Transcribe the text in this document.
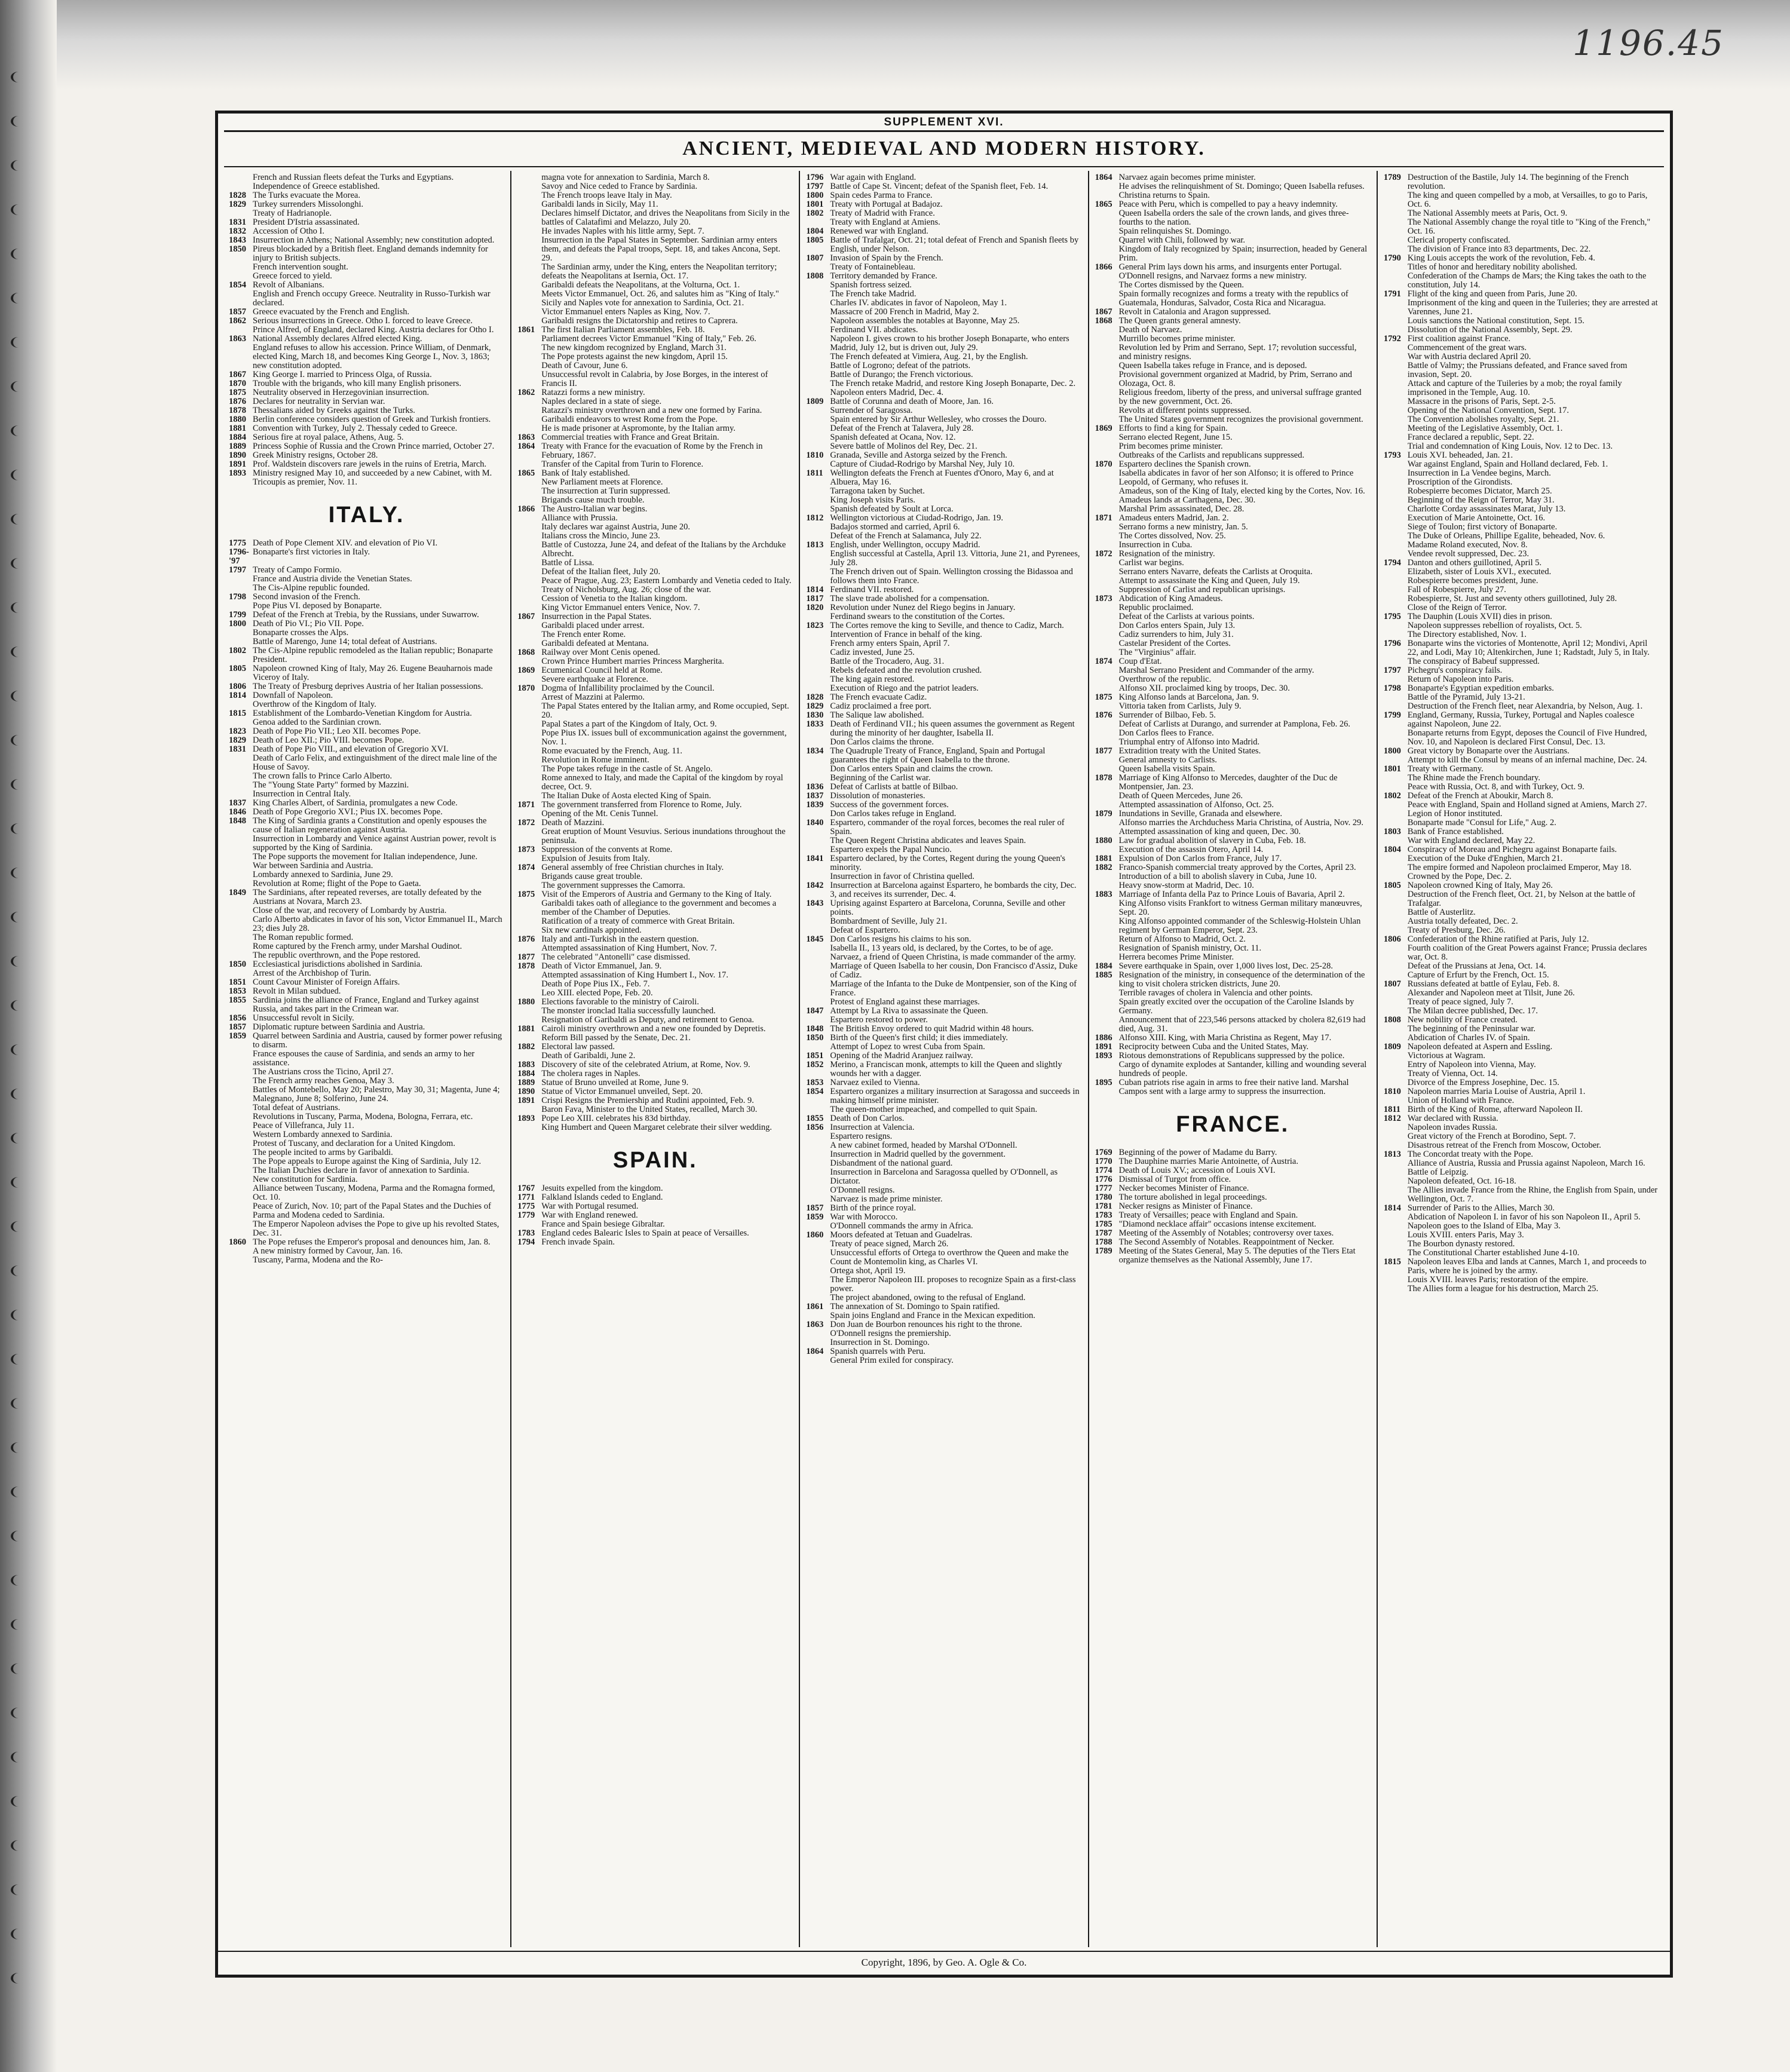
1196.45
SUPPLEMENT XVI.
ANCIENT, MEDIEVAL AND MODERN HISTORY.
French and Russian fleets defeat the Turks and Egyptians.
Independence of Greece established.
1828 The Turks evacuate the Morea.
1829 Turkey surrenders Missolonghi.
Treaty of Hadrianople.
1831 President D'Istria assassinated.
1832 Accession of Otho I.
1843 Insurrection in Athens; National Assembly; new constitution adopted.
1850 Pireus blockaded by a British fleet. England demands indemnity for injury to British subjects.
French intervention sought.
Greece forced to yield.
1854 Revolt of Albanians.
English and French occupy Greece. Neutrality in Russo-Turkish war declared.
1857 Greece evacuated by the French and English.
1862 Serious insurrections in Greece. Otho I. forced to leave Greece.
Prince Alfred, of England, declared King. Austria declares for Otho I.
1863 National Assembly declares Alfred elected King.
England refuses to allow his accession. Prince William, of Denmark, elected King, March 18, and becomes King George I., Nov. 3, 1863; new constitution adopted.
1867 King George I. married to Princess Olga, of Russia.
1870 Trouble with the brigands, who kill many English prisoners.
1875 Neutrality observed in Herzegovinian insurrection.
1876 Declares for neutrality in Servian war.
1878 Thessalians aided by Greeks against the Turks.
1880 Berlin conference considers question of Greek and Turkish frontiers.
1881 Convention with Turkey, July 2. Thessaly ceded to Greece.
1884 Serious fire at royal palace, Athens, Aug. 5.
1889 Princess Sophie of Russia and the Crown Prince married, October 27.
1890 Greek Ministry resigns, October 28.
1891 Prof. Waldstein discovers rare jewels in the ruins of Eretria, March.
1893 Ministry resigned May 10, and succeeded by a new Cabinet, with M. Tricoupis as premier, Nov. 11.
ITALY.
1775 Death of Pope Clement XIV. and elevation of Pio VI.
1796-'97
Bonaparte's first victories in Italy.
1797 Treaty of Campo Formio.
France and Austria divide the Venetian States.
The Cis-Alpine republic founded.
1798 Second invasion of the French.
Pope Pius VI. deposed by Bonaparte.
1799 Defeat of the French at Trebia, by the Russians, under Suwarrow.
1800 Death of Pio VI.; Pio VII. Pope.
Bonaparte crosses the Alps.
Battle of Marengo, June 14; total defeat of Austrians.
1802 The Cis-Alpine republic remodeled as the Italian republic; Bonaparte President.
1805 Napoleon crowned King of Italy, May 26. Eugene Beauharnois made Viceroy of Italy.
1806 The Treaty of Presburg deprives Austria of her Italian possessions.
1814 Downfall of Napoleon.
Overthrow of the Kingdom of Italy.
1815 Establishment of the Lombardo-Venetian Kingdom for Austria.
Genoa added to the Sardinian crown.
1823 Death of Pope Pio VII.; Leo XII. becomes Pope.
1829 Death of Leo XII.; Pio VIII. becomes Pope.
1831 Death of Pope Pio VIII., and elevation of Gregorio XVI.
Death of Carlo Felix, and extinguishment of the direct male line of the House of Savoy.
The crown falls to Prince Carlo Alberto.
The "Young State Party" formed by Mazzini.
Insurrection in Central Italy.
1837 King Charles Albert, of Sardinia, promulgates a new Code.
1846 Death of Pope Gregorio XVI.; Pius IX. becomes Pope.
1848 The King of Sardinia grants a Constitution and openly espouses the cause of Italian regeneration against Austria.
Insurrection in Lombardy and Venice against Austrian power, revolt is supported by the King of Sardinia.
The Pope supports the movement for Italian independence, June.
War between Sardinia and Austria.
Lombardy annexed to Sardinia, June 29.
Revolution at Rome; flight of the Pope to Gaeta.
1849 The Sardinians, after repeated reverses, are totally defeated by the Austrians at Novara, March 23.
Close of the war, and recovery of Lombardy by Austria.
Carlo Alberto abdicates in favor of his son, Victor Emmanuel II., March 23; dies July 28.
The Roman republic formed.
Rome captured by the French army, under Marshal Oudinot.
The republic overthrown, and the Pope restored.
1850 Ecclesiastical jurisdictions abolished in Sardinia.
Arrest of the Archbishop of Turin.
1851 Count Cavour Minister of Foreign Affairs.
1853 Revolt in Milan subdued.
1855 Sardinia joins the alliance of France, England and Turkey against Russia, and takes part in the Crimean war.
1856 Unsuccessful revolt in Sicily.
1857 Diplomatic rupture between Sardinia and Austria.
1859 Quarrel between Sardinia and Austria, caused by former power refusing to disarm.
France espouses the cause of Sardinia, and sends an army to her assistance.
The Austrians cross the Ticino, April 27.
The French army reaches Genoa, May 3.
Battles of Montebello, May 20; Palestro, May 30, 31; Magenta, June 4; Malegnano, June 8; Solferino, June 24.
Total defeat of Austrians.
Revolutions in Tuscany, Parma, Modena, Bologna, Ferrara, etc.
Peace of Villefranca, July 11.
Western Lombardy annexed to Sardinia.
Protest of Tuscany, and declaration for a United Kingdom.
The people incited to arms by Garibaldi.
The Pope appeals to Europe against the King of Sardinia, July 12.
The Italian Duchies declare in favor of annexation to Sardinia.
New constitution for Sardinia.
Alliance between Tuscany, Modena, Parma and the Romagna formed, Oct. 10.
Peace of Zurich, Nov. 10; part of the Papal States and the Duchies of Parma and Modena ceded to Sardinia.
The Emperor Napoleon advises the Pope to give up his revolted States, Dec. 31.
1860 The Pope refuses the Emperor's proposal and denounces him, Jan. 8.
A new ministry formed by Cavour, Jan. 16.
Tuscany, Parma, Modena and the Ro-
magna vote for annexation to Sardinia, March 8.
Savoy and Nice ceded to France by Sardinia.
The French troops leave Italy in May.
Garibaldi lands in Sicily, May 11.
Declares himself Dictator, and drives the Neapolitans from Sicily in the battles of Calatafimi and Melazzo, July 20.
He invades Naples with his little army, Sept. 7.
Insurrection in the Papal States in September. Sardinian army enters them, and defeats the Papal troops, Sept. 18, and takes Ancona, Sept. 29.
The Sardinian army, under the King, enters the Neapolitan territory; defeats the Neapolitans at Isernia, Oct. 17.
Garibaldi defeats the Neapolitans, at the Volturna, Oct. 1.
Meets Victor Emmanuel, Oct. 26, and salutes him as "King of Italy."
Sicily and Naples vote for annexation to Sardinia, Oct. 21.
Victor Emmanuel enters Naples as King, Nov. 7.
Garibaldi resigns the Dictatorship and retires to Caprera.
1861 The first Italian Parliament assembles, Feb. 18.
Parliament decrees Victor Emmanuel "King of Italy," Feb. 26.
The new kingdom recognized by England, March 31.
The Pope protests against the new kingdom, April 15.
Death of Cavour, June 6.
Unsuccessful revolt in Calabria, by Jose Borges, in the interest of Francis II.
1862 Ratazzi forms a new ministry.
Naples declared in a state of siege.
Ratazzi's ministry overthrown and a new one formed by Farina.
Garibaldi endeavors to wrest Rome from the Pope.
He is made prisoner at Aspromonte, by the Italian army.
1863 Commercial treaties with France and Great Britain.
1864 Treaty with France for the evacuation of Rome by the French in February, 1867.
Transfer of the Capital from Turin to Florence.
1865 Bank of Italy established.
New Parliament meets at Florence.
The insurrection at Turin suppressed.
Brigands cause much trouble.
1866 The Austro-Italian war begins.
Alliance with Prussia.
Italy declares war against Austria, June 20.
Italians cross the Mincio, June 23.
Battle of Custozza, June 24, and defeat of the Italians by the Archduke Albrecht.
Battle of Lissa.
Defeat of the Italian fleet, July 20.
Peace of Prague, Aug. 23; Eastern Lombardy and Venetia ceded to Italy.
Treaty of Nicholsburg, Aug. 26; close of the war.
Cession of Venetia to the Italian kingdom.
King Victor Emmanuel enters Venice, Nov. 7.
1867 Insurrection in the Papal States.
Garibaldi placed under arrest.
The French enter Rome.
Garibaldi defeated at Mentana.
1868 Railway over Mont Cenis opened.
Crown Prince Humbert marries Princess Margherita.
1869 Ecumenical Council held at Rome.
Severe earthquake at Florence.
1870 Dogma of Infallibility proclaimed by the Council.
Arrest of Mazzini at Palermo.
The Papal States entered by the Italian army, and Rome occupied, Sept. 20.
Papal States a part of the Kingdom of Italy, Oct. 9.
Pope Pius IX. issues bull of excommunication against the government, Nov. 1.
Rome evacuated by the French, Aug. 11.
Revolution in Rome imminent.
The Pope takes refuge in the castle of St. Angelo.
Rome annexed to Italy, and made the Capital of the kingdom by royal decree, Oct. 9.
The Italian Duke of Aosta elected King of Spain.
1871 The government transferred from Florence to Rome, July.
Opening of the Mt. Cenis Tunnel.
1872 Death of Mazzini.
Great eruption of Mount Vesuvius. Serious inundations throughout the peninsula.
1873 Suppression of the convents at Rome.
Expulsion of Jesuits from Italy.
1874 General assembly of free Christian churches in Italy.
Brigands cause great trouble.
The government suppresses the Camorra.
1875 Visit of the Emperors of Austria and Germany to the King of Italy.
Garibaldi takes oath of allegiance to the government and becomes a member of the Chamber of Deputies.
Ratification of a treaty of commerce with Great Britain.
Six new cardinals appointed.
1876 Italy and anti-Turkish in the eastern question.
Attempted assassination of King Humbert, Nov. 7.
1877 The celebrated "Antonelli" case dismissed.
1878 Death of Victor Emmanuel, Jan. 9.
Attempted assassination of King Humbert I., Nov. 17.
Death of Pope Pius IX., Feb. 7.
Leo XIII. elected Pope, Feb. 20.
1880 Elections favorable to the ministry of Cairoli.
The monster ironclad Italia successfully launched.
Resignation of Garibaldi as Deputy, and retirement to Genoa.
1881 Cairoli ministry overthrown and a new one founded by Depretis.
Reform Bill passed by the Senate, Dec. 21.
1882 Electoral law passed.
Death of Garibaldi, June 2.
1883 Discovery of site of the celebrated Atrium, at Rome, Nov. 9.
1884 The cholera rages in Naples.
1889 Statue of Bruno unveiled at Rome, June 9.
1890 Statue of Victor Emmanuel unveiled, Sept. 20.
1891 Crispi Resigns the Premiership and Rudini appointed, Feb. 9.
Baron Fava, Minister to the United States, recalled, March 30.
1893 Pope Leo XIII. celebrates his 83d birthday.
King Humbert and Queen Margaret celebrate their silver wedding.
SPAIN.
1767 Jesuits expelled from the kingdom.
1771 Falkland Islands ceded to England.
1775 War with Portugal resumed.
1779 War with England renewed.
France and Spain besiege Gibraltar.
1783 England cedes Balearic Isles to Spain at peace of Versailles.
1794 French invade Spain.
1796 War again with England.
1797 Battle of Cape St. Vincent; defeat of the Spanish fleet, Feb. 14.
1800 Spain cedes Parma to France.
1801 Treaty with Portugal at Badajoz.
1802 Treaty of Madrid with France.
Treaty with England at Amiens.
1804 Renewed war with England.
1805 Battle of Trafalgar, Oct. 21; total defeat of French and Spanish fleets by English, under Nelson.
1807 Invasion of Spain by the French.
Treaty of Fontainebleau.
1808 Territory demanded by France.
Spanish fortress seized.
The French take Madrid.
Charles IV. abdicates in favor of Napoleon, May 1.
Massacre of 200 French in Madrid, May 2.
Napoleon assembles the notables at Bayonne, May 25.
Ferdinand VII. abdicates.
Napoleon I. gives crown to his brother Joseph Bonaparte, who enters Madrid, July 12, but is driven out, July 29.
The French defeated at Vimiera, Aug. 21, by the English.
Battle of Logrono; defeat of the patriots.
Battle of Durango; the French victorious.
The French retake Madrid, and restore King Joseph Bonaparte, Dec. 2.
Napoleon enters Madrid, Dec. 4.
1809 Battle of Corunna and death of Moore, Jan. 16.
Surrender of Saragossa.
Spain entered by Sir Arthur Wellesley, who crosses the Douro.
Defeat of the French at Talavera, July 28.
Spanish defeated at Ocana, Nov. 12.
Severe battle of Molinos del Rey, Dec. 21.
1810 Granada, Seville and Astorga seized by the French.
Capture of Ciudad-Rodrigo by Marshal Ney, July 10.
1811 Wellington defeats the French at Fuentes d'Onoro, May 6, and at Albuera, May 16.
Tarragona taken by Suchet.
King Joseph visits Paris.
Spanish defeated by Soult at Lorca.
1812 Wellington victorious at Ciudad-Rodrigo, Jan. 19.
Badajos stormed and carried, April 6.
Defeat of the French at Salamanca, July 22.
1813 English, under Wellington, occupy Madrid.
English successful at Castella, April 13. Vittoria, June 21, and Pyrenees, July 28.
The French driven out of Spain. Wellington crossing the Bidassoa and follows them into France.
1814 Ferdinand VII. restored.
1817 The slave trade abolished for a compensation.
1820 Revolution under Nunez del Riego begins in January.
Ferdinand swears to the constitution of the Cortes.
1823 The Cortes remove the king to Seville, and thence to Cadiz, March.
Intervention of France in behalf of the king.
French army enters Spain, April 7.
Cadiz invested, June 25.
Battle of the Trocadero, Aug. 31.
Rebels defeated and the revolution crushed.
The king again restored.
Execution of Riego and the patriot leaders.
1828 The French evacuate Cadiz.
1829 Cadiz proclaimed a free port.
1830 The Salique law abolished.
1833 Death of Ferdinand VII.; his queen assumes the government as Regent during the minority of her daughter, Isabella II.
Don Carlos claims the throne.
1834 The Quadruple Treaty of France, England, Spain and Portugal guarantees the right of Queen Isabella to the throne.
Don Carlos enters Spain and claims the crown.
Beginning of the Carlist war.
1836 Defeat of Carlists at battle of Bilbao.
1837 Dissolution of monasteries.
1839 Success of the government forces.
Don Carlos takes refuge in England.
1840 Espartero, commander of the royal forces, becomes the real ruler of Spain.
The Queen Regent Christina abdicates and leaves Spain.
Espartero expels the Papal Nuncio.
1841 Espartero declared, by the Cortes, Regent during the young Queen's minority.
Insurrection in favor of Christina quelled.
1842 Insurrection at Barcelona against Espartero, he bombards the city, Dec. 3, and receives its surrender, Dec. 4.
1843 Uprising against Espartero at Barcelona, Corunna, Seville and other points.
Bombardment of Seville, July 21.
Defeat of Espartero.
1845 Don Carlos resigns his claims to his son.
Isabella II., 13 years old, is declared, by the Cortes, to be of age.
Narvaez, a friend of Queen Christina, is made commander of the army.
Marriage of Queen Isabella to her cousin, Don Francisco d'Assiz, Duke of Cadiz.
Marriage of the Infanta to the Duke de Montpensier, son of the King of France.
Protest of England against these marriages.
1847 Attempt by La Riva to assassinate the Queen.
Espartero restored to power.
1848 The British Envoy ordered to quit Madrid within 48 hours.
1850 Birth of the Queen's first child; it dies immediately.
Attempt of Lopez to wrest Cuba from Spain.
1851 Opening of the Madrid Aranjuez railway.
1852 Merino, a Franciscan monk, attempts to kill the Queen and slightly wounds her with a dagger.
1853 Narvaez exiled to Vienna.
1854 Espartero organizes a military insurrection at Saragossa and succeeds in making himself prime minister.
The queen-mother impeached, and compelled to quit Spain.
1855 Death of Don Carlos.
1856 Insurrection at Valencia.
Espartero resigns.
A new cabinet formed, headed by Marshal O'Donnell.
Insurrection in Madrid quelled by the government.
Disbandment of the national guard.
Insurrection in Barcelona and Saragossa quelled by O'Donnell, as Dictator.
O'Donnell resigns.
Narvaez is made prime minister.
1857 Birth of the prince royal.
1859 War with Morocco.
O'Donnell commands the army in Africa.
1860 Moors defeated at Tetuan and Guadelras.
Treaty of peace signed, March 26.
Unsuccessful efforts of Ortega to overthrow the Queen and make the Count de Montemolin king, as Charles VI.
Ortega shot, April 19.
The Emperor Napoleon III. proposes to recognize Spain as a first-class power.
The project abandoned, owing to the refusal of England.
1861 The annexation of St. Domingo to Spain ratified.
Spain joins England and France in the Mexican expedition.
1863 Don Juan de Bourbon renounces his right to the throne.
O'Donnell resigns the premiership.
Insurrection in St. Domingo.
1864 Spanish quarrels with Peru.
General Prim exiled for conspiracy.
1864 Narvaez again becomes prime minister.
He advises the relinquishment of St. Domingo; Queen Isabella refuses.
Christina returns to Spain.
1865 Peace with Peru, which is compelled to pay a heavy indemnity.
Queen Isabella orders the sale of the crown lands, and gives three-fourths to the nation.
Spain relinquishes St. Domingo.
Quarrel with Chili, followed by war.
Kingdom of Italy recognized by Spain; insurrection, headed by General Prim.
1866 General Prim lays down his arms, and insurgents enter Portugal.
O'Donnell resigns, and Narvaez forms a new ministry.
The Cortes dismissed by the Queen.
Spain formally recognizes and forms a treaty with the republics of Guatemala, Honduras, Salvador, Costa Rica and Nicaragua.
1867 Revolt in Catalonia and Aragon suppressed.
1868 The Queen grants general amnesty.
Death of Narvaez.
Murrillo becomes prime minister.
Revolution led by Prim and Serrano, Sept. 17; revolution successful, and ministry resigns.
Queen Isabella takes refuge in France, and is deposed.
Provisional government organized at Madrid, by Prim, Serrano and Olozaga, Oct. 8.
Religious freedom, liberty of the press, and universal suffrage granted by the new government, Oct. 26.
Revolts at different points suppressed.
The United States government recognizes the provisional government.
1869 Efforts to find a king for Spain.
Serrano elected Regent, June 15.
Prim becomes prime minister.
Outbreaks of the Carlists and republicans suppressed.
1870 Espartero declines the Spanish crown.
Isabella abdicates in favor of her son Alfonso; it is offered to Prince Leopold, of Germany, who refuses it.
Amadeus, son of the King of Italy, elected king by the Cortes, Nov. 16.
Amadeus lands at Carthagena, Dec. 30.
Marshal Prim assassinated, Dec. 28.
1871 Amadeus enters Madrid, Jan. 2.
Serrano forms a new ministry, Jan. 5.
The Cortes dissolved, Nov. 25.
Insurrection in Cuba.
1872 Resignation of the ministry.
Carlist war begins.
Serrano enters Navarre, defeats the Carlists at Oroquita.
Attempt to assassinate the King and Queen, July 19.
Suppression of Carlist and republican uprisings.
1873 Abdication of King Amadeus.
Republic proclaimed.
Defeat of the Carlists at various points.
Don Carlos enters Spain, July 13.
Cadiz surrenders to him, July 31.
Castelar President of the Cortes.
The "Virginius" affair.
1874 Coup d'Etat.
Marshal Serrano President and Commander of the army.
Overthrow of the republic.
Alfonso XII. proclaimed king by troops, Dec. 30.
1875 King Alfonso lands at Barcelona, Jan. 9.
Vittoria taken from Carlists, July 9.
1876 Surrender of Bilbao, Feb. 5.
Defeat of Carlists at Durango, and surrender at Pamplona, Feb. 26.
Don Carlos flees to France.
Triumphal entry of Alfonso into Madrid.
1877 Extradition treaty with the United States.
General amnesty to Carlists.
Queen Isabella visits Spain.
1878 Marriage of King Alfonso to Mercedes, daughter of the Duc de Montpensier, Jan. 23.
Death of Queen Mercedes, June 26.
Attempted assassination of Alfonso, Oct. 25.
1879 Inundations in Seville, Granada and elsewhere.
Alfonso marries the Archduchess Maria Christina, of Austria, Nov. 29.
Attempted assassination of king and queen, Dec. 30.
1880 Law for gradual abolition of slavery in Cuba, Feb. 18.
Execution of the assassin Otero, April 14.
1881 Expulsion of Don Carlos from France, July 17.
1882 Franco-Spanish commercial treaty approved by the Cortes, April 23.
Introduction of a bill to abolish slavery in Cuba, June 10.
Heavy snow-storm at Madrid, Dec. 10.
1883 Marriage of Infanta della Paz to Prince Louis of Bavaria, April 2.
King Alfonso visits Frankfort to witness German military manœuvres, Sept. 20.
King Alfonso appointed commander of the Schleswig-Holstein Uhlan regiment by German Emperor, Sept. 23.
Return of Alfonso to Madrid, Oct. 2.
Resignation of Spanish ministry, Oct. 11.
Herrera becomes Prime Minister.
1884 Severe earthquake in Spain, over 1,000 lives lost, Dec. 25-28.
1885 Resignation of the ministry, in consequence of the determination of the king to visit cholera stricken districts, June 20.
Terrible ravages of cholera in Valencia and other points.
Spain greatly excited over the occupation of the Caroline Islands by Germany.
Announcement that of 223,546 persons attacked by cholera 82,619 had died, Aug. 31.
1886 Alfonso XIII. King, with Maria Christina as Regent, May 17.
1891 Reciprocity between Cuba and the United States, May.
1893 Riotous demonstrations of Republicans suppressed by the police.
Cargo of dynamite explodes at Santander, killing and wounding several hundreds of people.
1895 Cuban patriots rise again in arms to free their native land. Marshal Campos sent with a large army to suppress the insurrection.
FRANCE.
1769 Beginning of the power of Madame du Barry.
1770 The Dauphine marries Marie Antoinette, of Austria.
1774 Death of Louis XV.; accession of Louis XVI.
1776 Dismissal of Turgot from office.
1777 Necker becomes Minister of Finance.
1780 The torture abolished in legal proceedings.
1781 Necker resigns as Minister of Finance.
1783 Treaty of Versailles; peace with England and Spain.
1785 "Diamond necklace affair" occasions intense excitement.
1787 Meeting of the Assembly of Notables; controversy over taxes.
1788 The Second Assembly of Notables. Reappointment of Necker.
1789 Meeting of the States General, May 5. The deputies of the Tiers Etat organize themselves as the National Assembly, June 17.
1789 Destruction of the Bastile, July 14. The beginning of the French revolution.
The king and queen compelled by a mob, at Versailles, to go to Paris, Oct. 6.
The National Assembly meets at Paris, Oct. 9.
The National Assembly change the royal title to "King of the French," Oct. 16.
Clerical property confiscated.
The division of France into 83 departments, Dec. 22.
1790 King Louis accepts the work of the revolution, Feb. 4.
Titles of honor and hereditary nobility abolished.
Confederation of the Champs de Mars; the King takes the oath to the constitution, July 14.
1791 Flight of the king and queen from Paris, June 20.
Imprisonment of the king and queen in the Tuileries; they are arrested at Varennes, June 21.
Louis sanctions the National constitution, Sept. 15.
Dissolution of the National Assembly, Sept. 29.
1792 First coalition against France.
Commencement of the great wars.
War with Austria declared April 20.
Battle of Valmy; the Prussians defeated, and France saved from invasion, Sept. 20.
Attack and capture of the Tuileries by a mob; the royal family imprisoned in the Temple, Aug. 10.
Massacre in the prisons of Paris, Sept. 2-5.
Opening of the National Convention, Sept. 17.
The Convention abolishes royalty, Sept. 21.
Meeting of the Legislative Assembly, Oct. 1.
France declared a republic, Sept. 22.
Trial and condemnation of King Louis, Nov. 12 to Dec. 13.
1793 Louis XVI. beheaded, Jan. 21.
War against England, Spain and Holland declared, Feb. 1.
Insurrection in La Vendee begins, March.
Proscription of the Girondists.
Robespierre becomes Dictator, March 25.
Beginning of the Reign of Terror, May 31.
Charlotte Corday assassinates Marat, July 13.
Execution of Marie Antoinette, Oct. 16.
Siege of Toulon; first victory of Bonaparte.
The Duke of Orleans, Phillipe Egalite, beheaded, Nov. 6.
Madame Roland executed, Nov. 8.
Vendee revolt suppressed, Dec. 23.
1794 Danton and others guillotined, April 5.
Elizabeth, sister of Louis XVI., executed.
Robespierre becomes president, June.
Fall of Robespierre, July 27.
Robespierre, St. Just and seventy others guillotined, July 28.
Close of the Reign of Terror.
1795 The Dauphin (Louis XVII) dies in prison.
Napoleon suppresses rebellion of royalists, Oct. 5.
The Directory established, Nov. 1.
1796 Bonaparte wins the victories of Montenotte, April 12; Mondivi, April 22, and Lodi, May 10; Altenkirchen, June 1; Radstadt, July 5, in Italy.
The conspiracy of Babeuf suppressed.
1797 Pichegru's conspiracy fails.
Return of Napoleon into Paris.
1798 Bonaparte's Egyptian expedition embarks.
Battle of the Pyramid, July 13-21.
Destruction of the French fleet, near Alexandria, by Nelson, Aug. 1.
1799 England, Germany, Russia, Turkey, Portugal and Naples coalesce against Napoleon, June 22.
Bonaparte returns from Egypt, deposes the Council of Five Hundred, Nov. 10, and Napoleon is declared First Consul, Dec. 13.
1800 Great victory by Bonaparte over the Austrians.
Attempt to kill the Consul by means of an infernal machine, Dec. 24.
1801 Treaty with Germany.
The Rhine made the French boundary.
Peace with Russia, Oct. 8, and with Turkey, Oct. 9.
1802 Defeat of the French at Aboukir, March 8.
Peace with England, Spain and Holland signed at Amiens, March 27.
Legion of Honor instituted.
Bonaparte made "Consul for Life," Aug. 2.
1803 Bank of France established.
War with England declared, May 22.
1804 Conspiracy of Moreau and Pichegru against Bonaparte fails.
Execution of the Duke d'Enghien, March 21.
The empire formed and Napoleon proclaimed Emperor, May 18.
Crowned by the Pope, Dec. 2.
1805 Napoleon crowned King of Italy, May 26.
Destruction of the French fleet, Oct. 21, by Nelson at the battle of Trafalgar.
Battle of Austerlitz.
Austria totally defeated, Dec. 2.
Treaty of Presburg, Dec. 26.
1806 Confederation of the Rhine ratified at Paris, July 12.
Fourth coalition of the Great Powers against France; Prussia declares war, Oct. 8.
Defeat of the Prussians at Jena, Oct. 14.
Capture of Erfurt by the French, Oct. 15.
1807 Russians defeated at battle of Eylau, Feb. 8.
Alexander and Napoleon meet at Tilsit, June 26.
Treaty of peace signed, July 7.
The Milan decree published, Dec. 17.
1808 New nobility of France created.
The beginning of the Peninsular war.
Abdication of Charles IV. of Spain.
1809 Napoleon defeated at Aspern and Essling.
Victorious at Wagram.
Entry of Napoleon into Vienna, May.
Treaty of Vienna, Oct. 14.
Divorce of the Empress Josephine, Dec. 15.
1810 Napoleon marries Maria Louise of Austria, April 1.
Union of Holland with France.
1811 Birth of the King of Rome, afterward Napoleon II.
1812 War declared with Russia.
Napoleon invades Russia.
Great victory of the French at Borodino, Sept. 7.
Disastrous retreat of the French from Moscow, October.
1813 The Concordat treaty with the Pope.
Alliance of Austria, Russia and Prussia against Napoleon, March 16.
Battle of Leipzig.
Napoleon defeated, Oct. 16-18.
The Allies invade France from the Rhine, the English from Spain, under Wellington, Oct. 7.
1814 Surrender of Paris to the Allies, March 30.
Abdication of Napoleon I. in favor of his son Napoleon II., April 5.
Napoleon goes to the Island of Elba, May 3.
Louis XVIII. enters Paris, May 3.
The Bourbon dynasty restored.
The Constitutional Charter established June 4-10.
1815 Napoleon leaves Elba and lands at Cannes, March 1, and proceeds to Paris, where he is joined by the army.
Louis XVIII. leaves Paris; restoration of the empire.
The Allies form a league for his destruction, March 25.
Copyright, 1896, by Geo. A. Ogle & Co.
